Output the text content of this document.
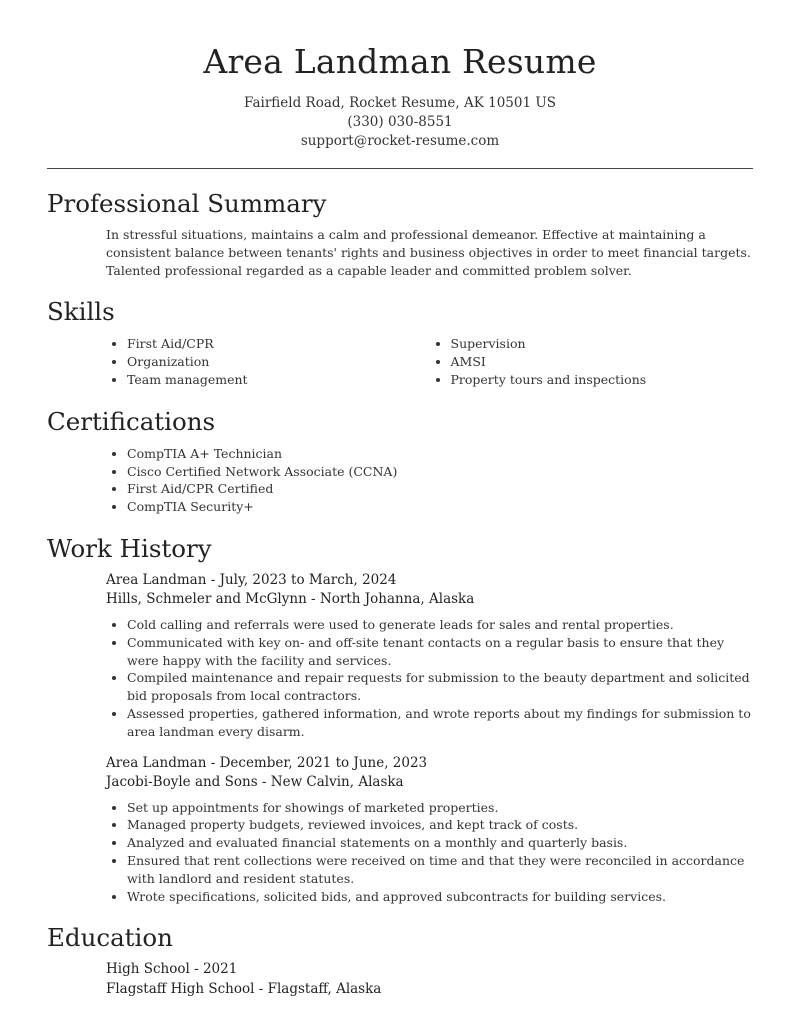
Area Landman Resume
Fairfield Road, Rocket Resume, AK 10501 US
(330) 030-8551
support@rocket-resume.com
Professional Summary
In stressful situations, maintains a calm and professional demeanor. Effective at maintaining a consistent balance between tenants' rights and business objectives in order to meet financial targets. Talented professional regarded as a capable leader and committed problem solver.
Skills
• First Aid/CPR
• Organization
• Team management
• Supervision
• AMSI
• Property tours and inspections
Certifications
• CompTIA A+ Technician
• Cisco Certified Network Associate (CCNA)
• First Aid/CPR Certified
• CompTIA Security+
Work History
Area Landman - July, 2023 to March, 2024
Hills, Schmeler and McGlynn - North Johanna, Alaska
• Cold calling and referrals were used to generate leads for sales and rental properties.
• Communicated with key on- and off-site tenant contacts on a regular basis to ensure that they were happy with the facility and services.
• Compiled maintenance and repair requests for submission to the beauty department and solicited bid proposals from local contractors.
• Assessed properties, gathered information, and wrote reports about my findings for submission to area landman every disarm.
Area Landman - December, 2021 to June, 2023
Jacobi-Boyle and Sons - New Calvin, Alaska
• Set up appointments for showings of marketed properties.
• Managed property budgets, reviewed invoices, and kept track of costs.
• Analyzed and evaluated financial statements on a monthly and quarterly basis.
• Ensured that rent collections were received on time and that they were reconciled in accordance with landlord and resident statutes.
• Wrote specifications, solicited bids, and approved subcontracts for building services.
Education
High School - 2021
Flagstaff High School - Flagstaff, Alaska
